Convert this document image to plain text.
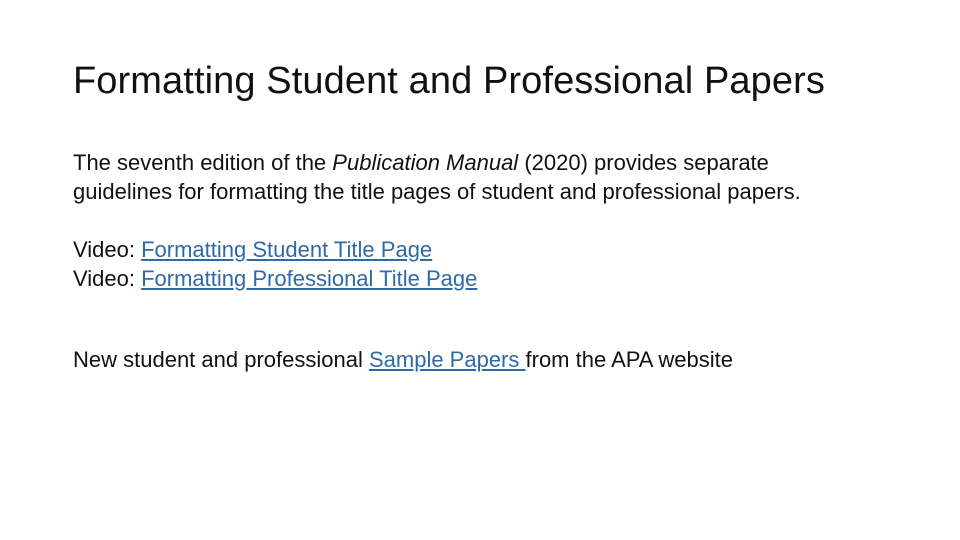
Formatting Student and Professional Papers

The seventh edition of the Publication Manual (2020) provides separate guidelines for formatting the title pages of student and professional papers.

Video: Formatting Student Title Page

Video: Formatting Professional Title Page

New student and professional Sample Papers from the APA website
